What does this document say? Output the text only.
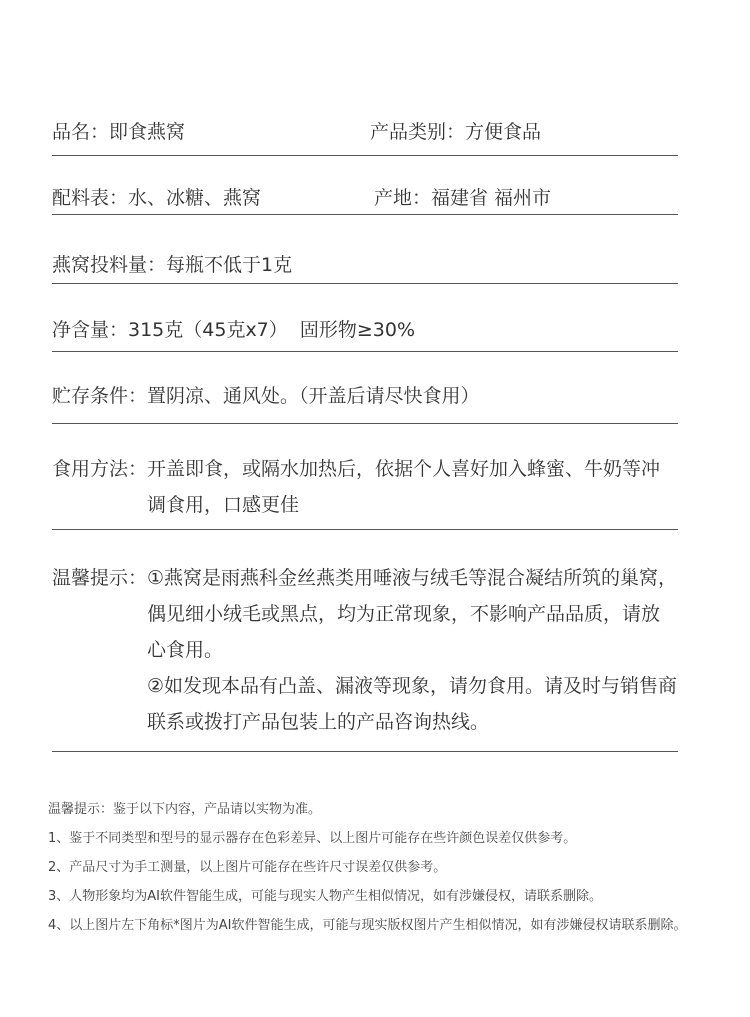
品名：即食燕窝	产品类别：方便食品
配料表：水、冰糖、燕窝	产地：福建省 福州市
燕窝投料量：每瓶不低于1克
净含量：315克（45克x7）  固形物≥30%
贮存条件：置阴凉、通风处。（开盖后请尽快食用）
食用方法： 开盖即食，或隔水加热后，依据个人喜好加入蜂蜜、牛奶等冲调食用，口感更佳

温馨提示： ①燕窝是雨燕科金丝燕类用唾液与绒毛等混合凝结所筑的巢窝，偶见细小绒毛或黑点，均为正常现象，不影响产品品质，请放心食用。

②如发现本品有凸盖、漏液等现象，请勿食用。请及时与销售商联系或拨打产品包装上的产品咨询热线。

温馨提示：鉴于以下内容，产品请以实物为准。

1、鉴于不同类型和型号的显示器存在色彩差异、以上图片可能存在些许颜色误差仅供参考。

2、产品尺寸为手工测量，以上图片可能存在些许尺寸误差仅供参考。

3、人物形象均为AI软件智能生成，可能与现实人物产生相似情况，如有涉嫌侵权，请联系删除。

4、以上图片左下角标*图片为AI软件智能生成，可能与现实版权图片产生相似情况，如有涉嫌侵权请联系删除。
